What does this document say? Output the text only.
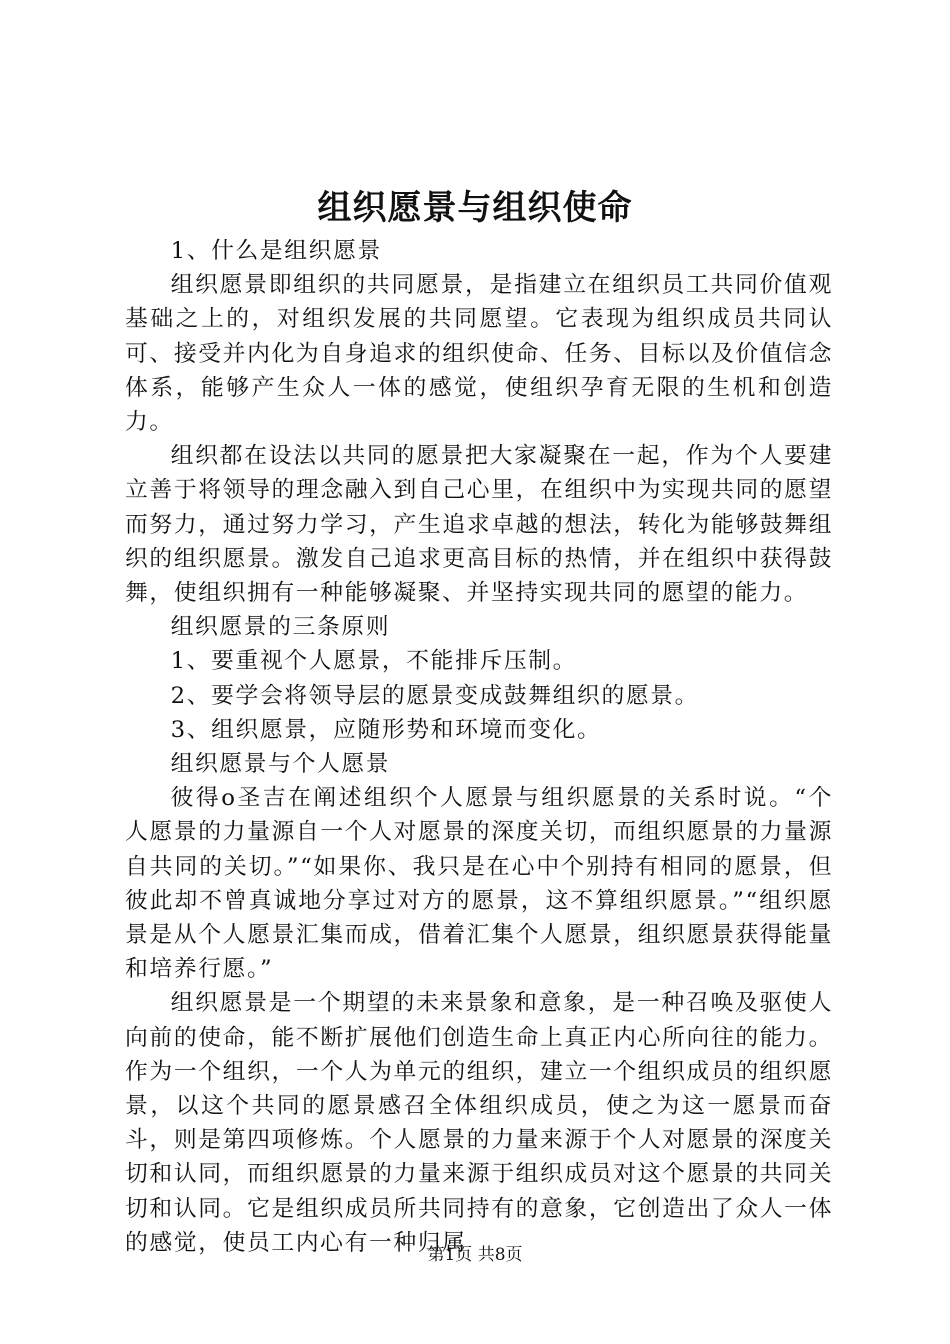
组织愿景与组织使命

1、什么是组织愿景

组织愿景即组织的共同愿景，是指建立在组织员工共同价值观基础之上的，对组织发展的共同愿望。它表现为组织成员共同认可、接受并内化为自身追求的组织使命、任务、目标以及价值信念体系，能够产生众人一体的感觉，使组织孕育无限的生机和创造力。

组织都在设法以共同的愿景把大家凝聚在一起，作为个人要建立善于将领导的理念融入到自己心里，在组织中为实现共同的愿望而努力，通过努力学习，产生追求卓越的想法，转化为能够鼓舞组织的组织愿景。激发自己追求更高目标的热情，并在组织中获得鼓舞，使组织拥有一种能够凝聚、并坚持实现共同的愿望的能力。

组织愿景的三条原则

1、要重视个人愿景，不能排斥压制。

2、要学会将领导层的愿景变成鼓舞组织的愿景。

3、组织愿景，应随形势和环境而变化。

组织愿景与个人愿景

彼得o圣吉在阐述组织个人愿景与组织愿景的关系时说。“个人愿景的力量源自一个人对愿景的深度关切，而组织愿景的力量源自共同的关切。”“如果你、我只是在心中个别持有相同的愿景，但彼此却不曾真诚地分享过对方的愿景，这不算组织愿景。”“组织愿景是从个人愿景汇集而成，借着汇集个人愿景，组织愿景获得能量和培养行愿。”

组织愿景是一个期望的未来景象和意象，是一种召唤及驱使人向前的使命，能不断扩展他们创造生命上真正内心所向往的能力。作为一个组织，一个人为单元的组织，建立一个组织成员的组织愿景，以这个共同的愿景感召全体组织成员，使之为这一愿景而奋斗，则是第四项修炼。个人愿景的力量来源于个人对愿景的深度关切和认同，而组织愿景的力量来源于组织成员对这个愿景的共同关切和认同。它是组织成员所共同持有的意象，它创造出了众人一体的感觉，使员工内心有一种归属

第1页 共8页
